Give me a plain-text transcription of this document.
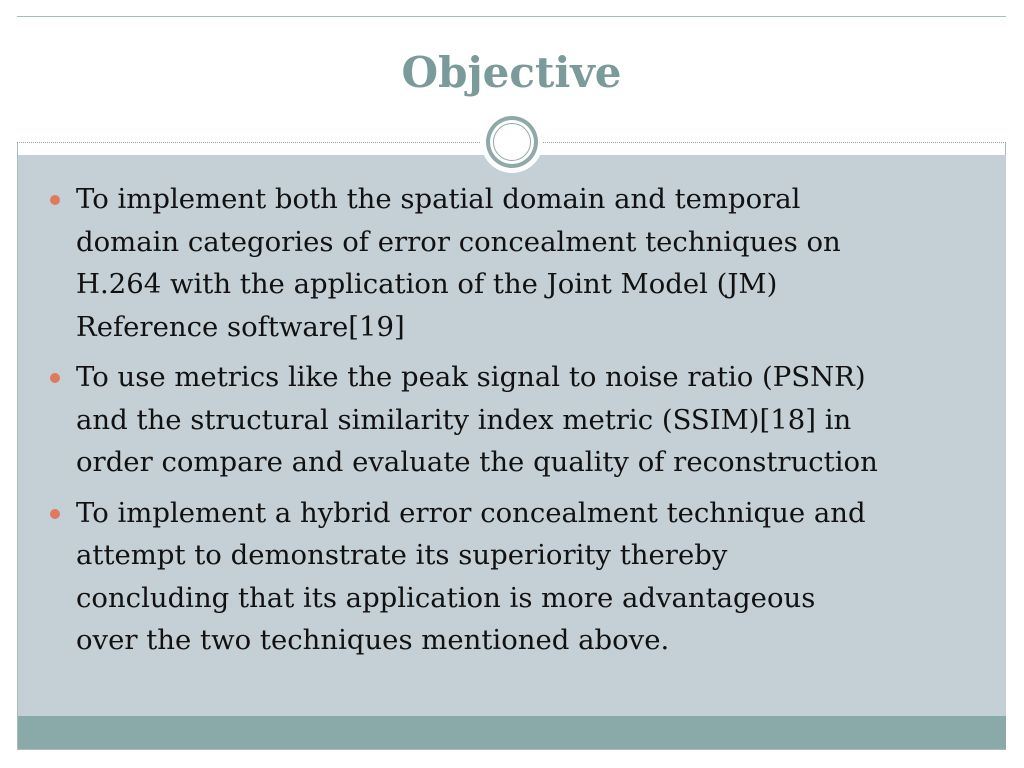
Objective
To implement both the spatial domain and temporal
domain categories of error concealment techniques on
H.264 with the application of the Joint Model (JM)
Reference software[19]
To use metrics like the peak signal to noise ratio (PSNR)
and the structural similarity index metric (SSIM)[18] in
order compare and evaluate the quality of reconstruction
To implement a hybrid error concealment technique and
attempt to demonstrate its superiority thereby
concluding that its application is more advantageous
over the two techniques mentioned above.
